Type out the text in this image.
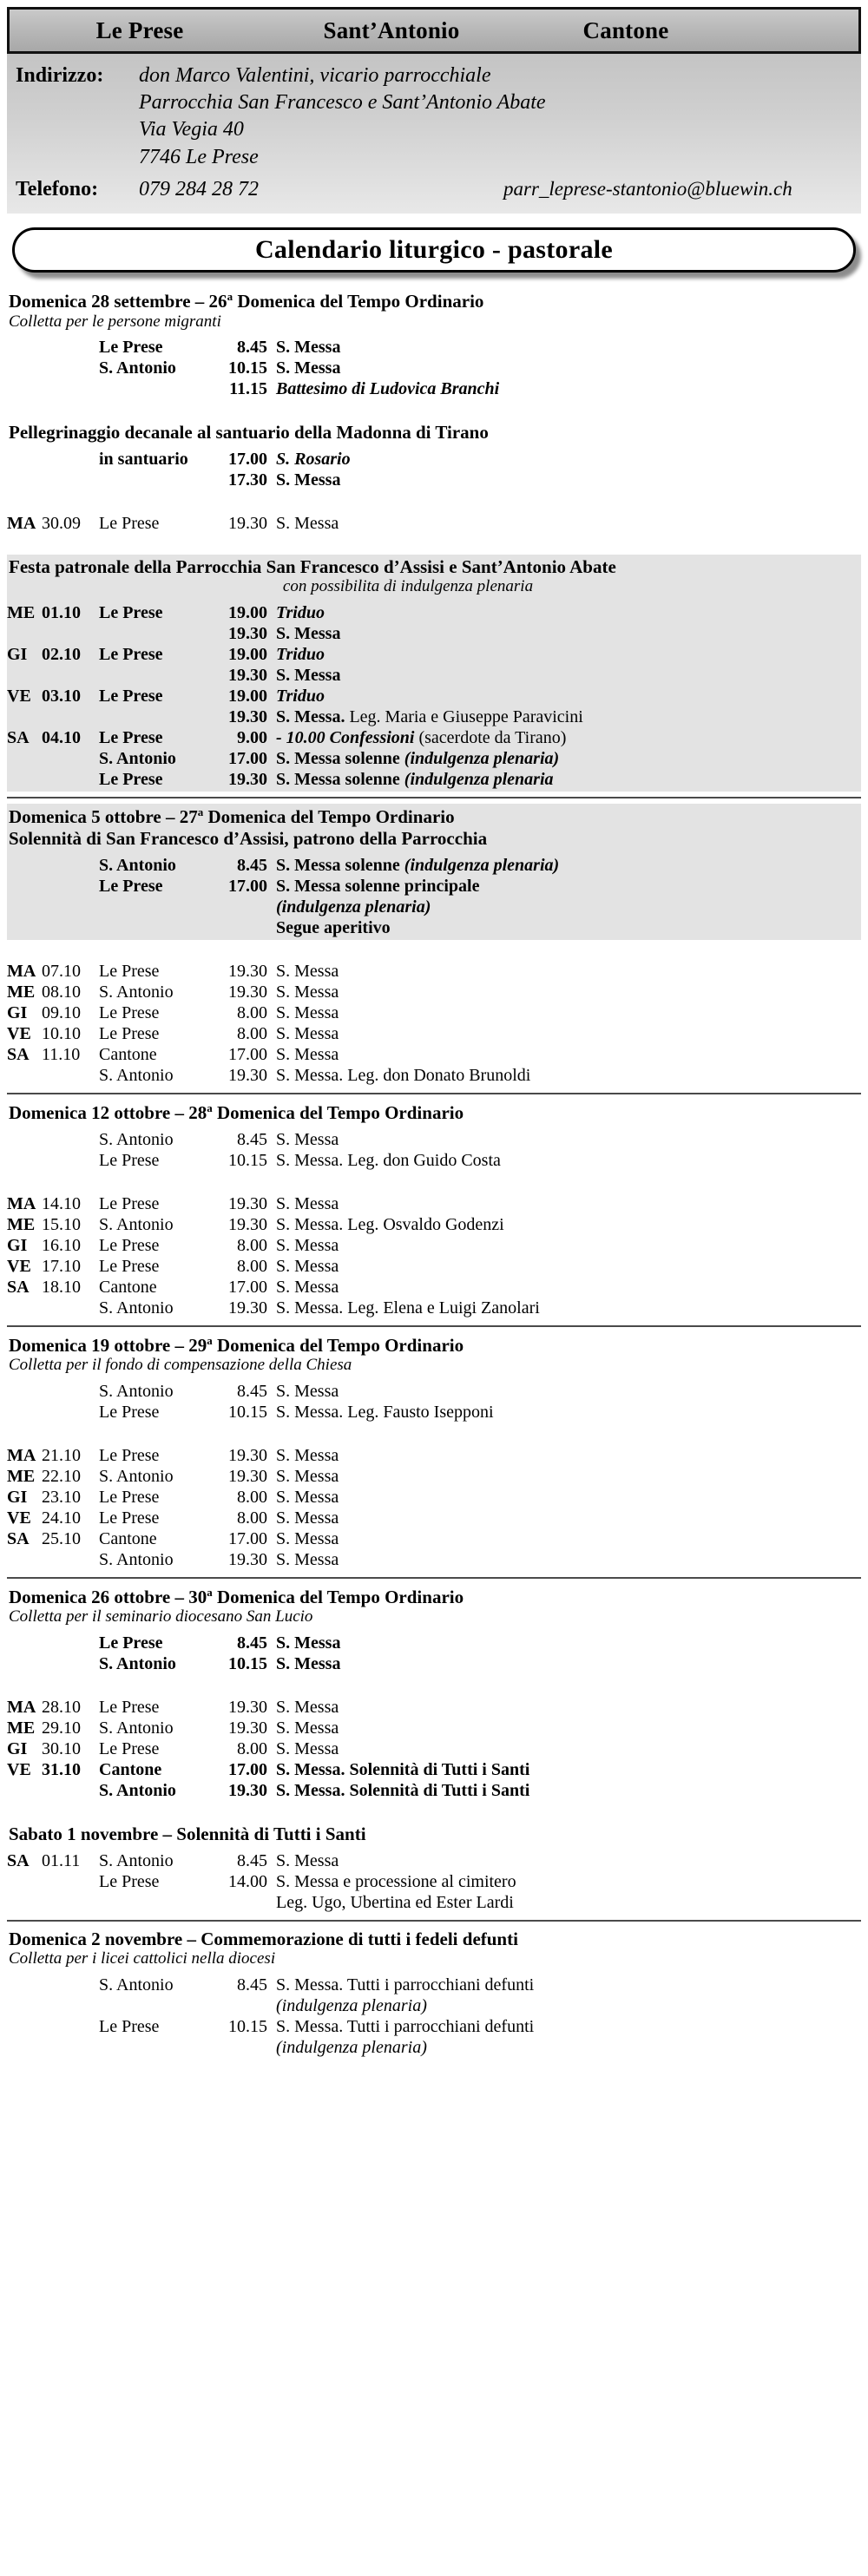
Le Prese	Sant’Antonio	Cantone
Indirizzo:	don Marco Valentini, vicario parrocchiale
Parrocchia San Francesco e Sant’Antonio Abate
Via Vegia 40
7746 Le Prese
Telefono:	079 284 28 72	parr_leprese-stantonio@bluewin.ch
Calendario liturgico - pastorale
Domenica 28 settembre – 26$^a$ Domenica del Tempo Ordinario
Colletta per le persone migranti
Le Prese	8.45 S. Messa
S. Antonio	10.15 S. Messa
11.15 Battesimo di Ludovica Branchi
Pellegrinaggio decanale al santuario della Madonna di Tirano
in santuario	17.00 S. Rosario
17.30 S. Messa
MA 30.09	Le Prese	19.30 S. Messa
Festa patronale della Parrocchia San Francesco d’Assisi e Sant’Antonio Abate
con possibilita di indulgenza plenaria
ME 01.10	Le Prese	19.00 Triduo
19.30 S. Messa
GI 02.10	Le Prese	19.00 Triduo
19.30 S. Messa
VE 03.10	Le Prese	19.00 Triduo
19.30 S. Messa. Leg. Maria e Giuseppe Paravicini
SA 04.10	Le Prese	9.00 - 10.00 Confessioni (sacerdote da Tirano)
S. Antonio	17.00 S. Messa solenne (indulgenza plenaria)
Le Prese	19.30 S. Messa solenne (indulgenza plenaria
Domenica 5 ottobre – 27$^a$ Domenica del Tempo Ordinario
Solennità di San Francesco d’Assisi, patrono della Parrocchia
S. Antonio	8.45 S. Messa solenne (indulgenza plenaria)
Le Prese	17.00 S. Messa solenne principale
(indulgenza plenaria)
Segue aperitivo
MA 07.10	Le Prese	19.30 S. Messa
ME 08.10	S. Antonio	19.30 S. Messa
GI 09.10	Le Prese	8.00 S. Messa
VE 10.10	Le Prese	8.00 S. Messa
SA 11.10	Cantone	17.00 S. Messa
S. Antonio	19.30 S. Messa. Leg. don Donato Brunoldi
Domenica 12 ottobre – 28$^a$ Domenica del Tempo Ordinario
S. Antonio	8.45 S. Messa
Le Prese	10.15 S. Messa. Leg. don Guido Costa
MA 14.10	Le Prese	19.30 S. Messa
ME 15.10	S. Antonio	19.30 S. Messa. Leg. Osvaldo Godenzi
GI 16.10	Le Prese	8.00 S. Messa
VE 17.10	Le Prese	8.00 S. Messa
SA 18.10	Cantone	17.00 S. Messa
S. Antonio	19.30 S. Messa. Leg. Elena e Luigi Zanolari
Domenica 19 ottobre – 29$^a$ Domenica del Tempo Ordinario
Colletta per il fondo di compensazione della Chiesa
S. Antonio	8.45 S. Messa
Le Prese	10.15 S. Messa. Leg. Fausto Isepponi
MA 21.10	Le Prese	19.30 S. Messa
ME 22.10	S. Antonio	19.30 S. Messa
GI 23.10	Le Prese	8.00 S. Messa
VE 24.10	Le Prese	8.00 S. Messa
SA 25.10	Cantone	17.00 S. Messa
S. Antonio	19.30 S. Messa
Domenica 26 ottobre – 30$^a$ Domenica del Tempo Ordinario
Colletta per il seminario diocesano San Lucio
Le Prese	8.45 S. Messa
S. Antonio	10.15 S. Messa
MA 28.10	Le Prese	19.30 S. Messa
ME 29.10	S. Antonio	19.30 S. Messa
GI 30.10	Le Prese	8.00 S. Messa
VE 31.10	Cantone	17.00 S. Messa. Solennità di Tutti i Santi
S. Antonio	19.30 S. Messa. Solennità di Tutti i Santi
Sabato 1 novembre – Solennità di Tutti i Santi
SA 01.11	S. Antonio	8.45 S. Messa
Le Prese	14.00 S. Messa e processione al cimitero
Leg. Ugo, Ubertina ed Ester Lardi
Domenica 2 novembre – Commemorazione di tutti i fedeli defunti
Colletta per i licei cattolici nella diocesi
S. Antonio	8.45 S. Messa. Tutti i parrocchiani defunti
(indulgenza plenaria)
Le Prese	10.15 S. Messa. Tutti i parrocchiani defunti
(indulgenza plenaria)
